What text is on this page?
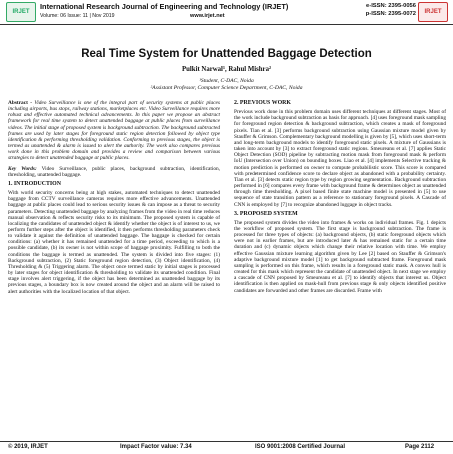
IRJET
International Research Journal of Engineering and Technology (IRJET)
Volume: 06 Issue: 11 | Nov 2019	www.irjet.net
e-ISSN: 2395-0056
p-ISSN: 2395-0072	IRJET
Real Time System for Unattended Baggage Detection
Pulkit Narwal¹, Rahul Mishra²
¹Student, C-DAC, Noida
²Assistant Professor, Computer Science Department, C-DAC, Noida

Abstract - Video Surveillance is one of the integral part of security systems at public places including airports, bus stops, railway stations, marketplaces etc. Video Surveillance requires more robust and effective automated technical advancements. In this paper we propose an abstract framework for real time system to detect unattended baggage at public places from surveillance videos. The initial stage of proposed system is background subtraction. The background subtracted frames are used by later stages for foreground static region detection followed by object type identification & performing thresholding validation. Conforming to previous stages, the object is termed as unattended & alarm is issued to alert the authority. The work also compares previous work done in this problem domain and provides a review and comparison between various strategies to detect unattended baggage at public places.

Key Words: Video Surveillance, public places, background subtraction, identification, thresholding, unattended baggage.

1. INTRODUCTION

With world security concerns being at high stakes, automated techniques to detect unattended baggage from CCTV surveillance cameras requires more effective advancements. Unattended baggage at public places could lead to serious security issues & can impose as a threat to security parameters. Detecting unattended baggage by analyzing frames from the video in real time reduces manual observation & reflects security risks to its minimum. The proposed system is capable of localizing the candidates of unattended object & identify whether the object is of interest to us, we perform further steps after the object is identified, it then performs thresholding parameters check to validate it against the definition of unattended baggage. The baggage is checked for certain conditions: (a) whether it has remained unattended for a time period, exceeding to which is a possible candidate, (b) its owner is not within scope of baggage proximity. Fulfilling to both the conditions the baggage is termed as unattended. The system is divided into five stages: (1) Background subtraction, (2) Static foreground region detection, (3) Object identification, (4) Thresholding & (5) Triggering alarm. The object once termed static by initial stages is processed by later stages for object identification & thresholding to validate its unattended condition. Final stage involves alert triggering, if the object has been determined as unattended baggage by its previous stages, a boundary box is now created around the object and an alarm will be raised to alert authorities with the localized location of that object.

2. PREVIOUS WORK

Previous work done in this problem domain uses different techniques at different stages. Most of the work include background subtraction as basis for approach. [4] uses foreground mask sampling for foreground region detection & background subtraction, which creates a mask of foreground pixels. Tian et al. [3] performs background subtraction using Gaussian mixture model given by Stauffer & Grimson. Complementary background modelling is given by [5], which uses short-term and long-term background models to identify foreground static pixels. A mixture of Gaussians is taken into account by [3] to extract foreground static regions. Smeureanu et al. [7] applies Static Object Detection (SOD) pipeline by subtracting motion mask from foreground mask & perform IoU (Intersection over Union) on bounding boxes. Liao et al. [4] implements Selective tracking & motion prediction is performed on owner to compute probabilistic score. This score is compared with predetermined confidence score to declare object as abandoned with a probability certainty. Tian et al. [3] detects static region type by region growing segmentation. Background subtraction performed in [6] compares every frame with background frame & determines object as unattended through time thresholding. A pixel based finite state machine model is presented in [5] to use sequence of state transition pattern as a reference to stationary foreground pixels. A Cascade of CNN is employed by [7] to recognize abandoned luggage in object tracks.

3. PROPOSED SYSTEM

The proposed system divides the video into frames & works on individual frames. Fig. 1 depicts the workflow of proposed system. The first stage is background subtraction. The frame is processed for three types of objects: (a) background objects, (b) static foreground objects which were not in earlier frames, but are introduced later & has remained static for a certain time duration and (c) dynamic objects which change their relative location with time. We employ effective Gaussian mixture learning algorithm given by Lee [2] based on Stauffer & Grimson's adaptive background mixture model [1] to get background subtracted frame. Foreground mask sampling is performed on this frame, which results in a foreground static mask. A convex hull is created for this mask which represent the candidate of unattended object. In next stage we employ a cascade of CNN proposed by Smeureanu et al. [7] to identify objects that interest us. Object identification is then applied on mask-hull from previous stage & only objects identified positive candidates are forwarded and other frames are discarded. Frame with

© 2019, IRJET	Impact Factor value: 7.34	ISO 9001:2008 Certified Journal	Page 2112
